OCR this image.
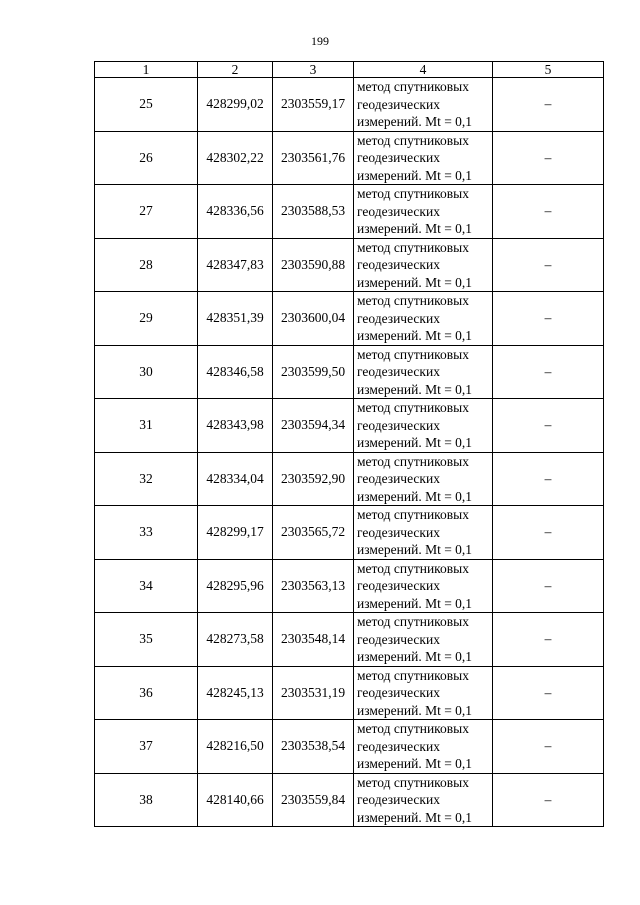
199
1	2	3	4	5
25	428299,02	2303559,17	метод спутниковых
геодезических
измерений. Mt = 0,1	–
26	428302,22	2303561,76	метод спутниковых
геодезических
измерений. Mt = 0,1	–
27	428336,56	2303588,53	метод спутниковых
геодезических
измерений. Mt = 0,1	–
28	428347,83	2303590,88	метод спутниковых
геодезических
измерений. Mt = 0,1	–
29	428351,39	2303600,04	метод спутниковых
геодезических
измерений. Mt = 0,1	–
30	428346,58	2303599,50	метод спутниковых
геодезических
измерений. Mt = 0,1	–
31	428343,98	2303594,34	метод спутниковых
геодезических
измерений. Mt = 0,1	–
32	428334,04	2303592,90	метод спутниковых
геодезических
измерений. Mt = 0,1	–
33	428299,17	2303565,72	метод спутниковых
геодезических
измерений. Mt = 0,1	–
34	428295,96	2303563,13	метод спутниковых
геодезических
измерений. Mt = 0,1	–
35	428273,58	2303548,14	метод спутниковых
геодезических
измерений. Mt = 0,1	–
36	428245,13	2303531,19	метод спутниковых
геодезических
измерений. Mt = 0,1	–
37	428216,50	2303538,54	метод спутниковых
геодезических
измерений. Mt = 0,1	–
38	428140,66	2303559,84	метод спутниковых
геодезических
измерений. Mt = 0,1	–
